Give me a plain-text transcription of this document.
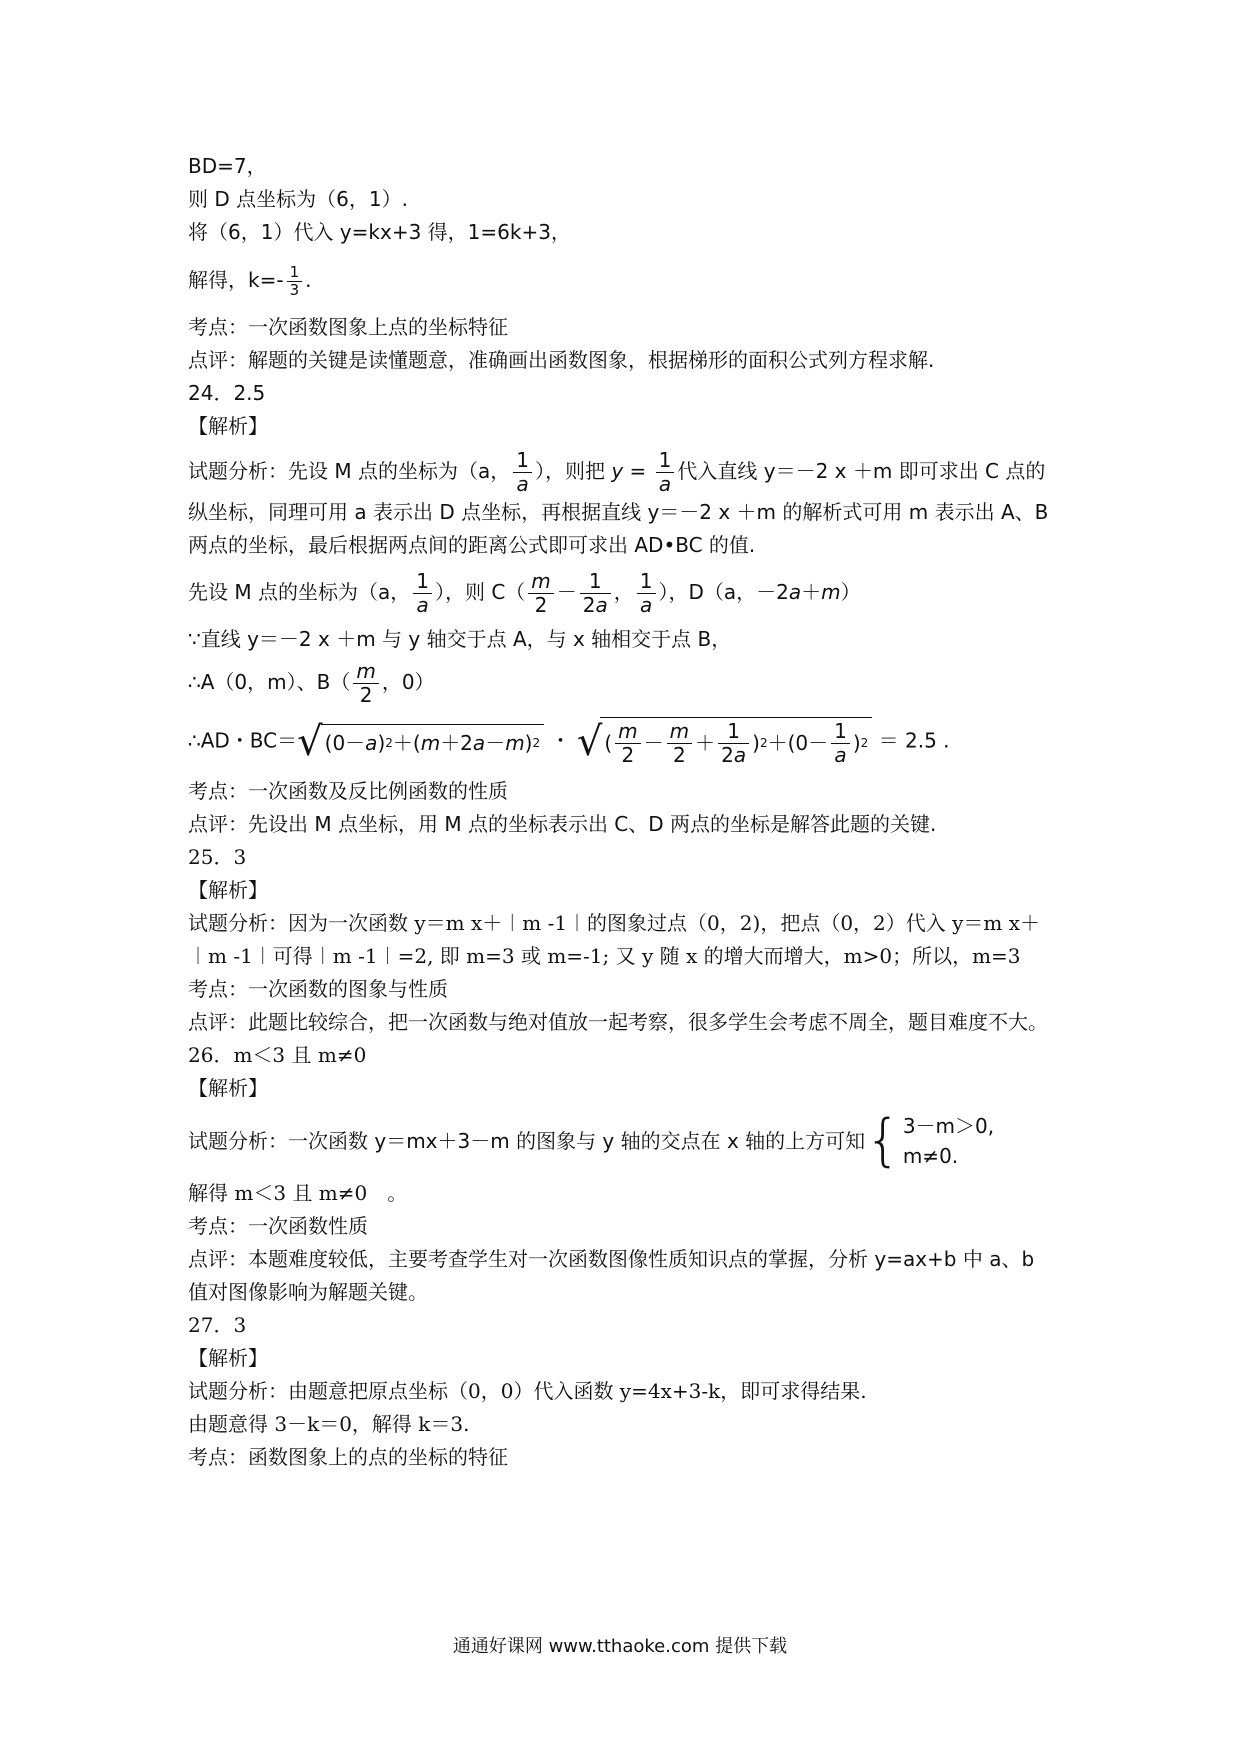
BD=7，
则 D 点坐标为（6，1）.
将（6，1）代入 y=kx+3 得，1=6k+3，
解得，$k=- \frac{1}{3}$ .
考点：一次函数图象上点的坐标特征
点评：解题的关键是读懂题意，准确画出函数图象，根据梯形的面积公式列方程求解.
24．2.5
【解析】
试题分析：先设 M 点的坐标为（a， $\frac{1}{a}$ ），则把 $y = \frac{1}{a}$ 代入直线 y＝－2 x ＋m 即可求出 C 点的纵坐标，同理可用 a 表示出 D 点坐标，再根据直线 y＝－2 x ＋m 的解析式可用 m 表示出 A、B 两点的坐标，最后根据两点间的距离公式即可求出 AD•BC 的值.
先设 M 点的坐标为（a， $\frac{1}{a}$ ），则 $C( \frac{m}{2} - \frac{1}{2a}$ ， $\frac{1}{a}$ ），D（a，－2a＋m）
∵直线 y＝－2 x ＋m 与 y 轴交于点 A，与 x 轴相交于点 B，
∴A（0，m）、$B( \frac{m}{2}$ ，0）
∴AD・BC＝ √ (0－ a ) 2 ＋( m ＋2 a － m ) 2 ・ √ ( $\frac{m}{2} - \frac{m}{2} + \frac{1}{2a}$ ) $2 +(0- \frac{1}{a}$ ) 2 ＝ 2.5 .
考点：一次函数及反比例函数的性质
点评：先设出 M 点坐标，用 M 点的坐标表示出 C、D 两点的坐标是解答此题的关键.
25．3
【解析】
试题分析：因为一次函数 y＝m x＋︱m -1︱的图象过点（0，2)，把点（0，2）代入 y＝m x＋
︱m -1︱可得︱m -1︱=2, 即 m=3 或 m=-1; 又 y 随 x 的增大而增大，m>0；所以，m=3
考点：一次函数的图象与性质
点评：此题比较综合，把一次函数与绝对值放一起考察，很多学生会考虑不周全，题目难度不大。
26．m＜3 且 m≠0
【解析】
试题分析：一次函数 y＝mx＋3－m 的图象与 y 轴的交点在 x 轴的上方可知 { 3－m＞0,
m≠0.
解得 m＜3 且 m≠0　。
考点：一次函数性质
点评：本题难度较低，主要考查学生对一次函数图像性质知识点的掌握，分析 y=ax+b 中 a、b 值对图像影响为解题关键。
27．3
【解析】
试题分析：由题意把原点坐标（0，0）代入函数 y=4x+3-k，即可求得结果.
由题意得 3－k＝0，解得 k＝3.
考点：函数图象上的点的坐标的特征
通通好课网 www.tthaoke.com 提供下载
